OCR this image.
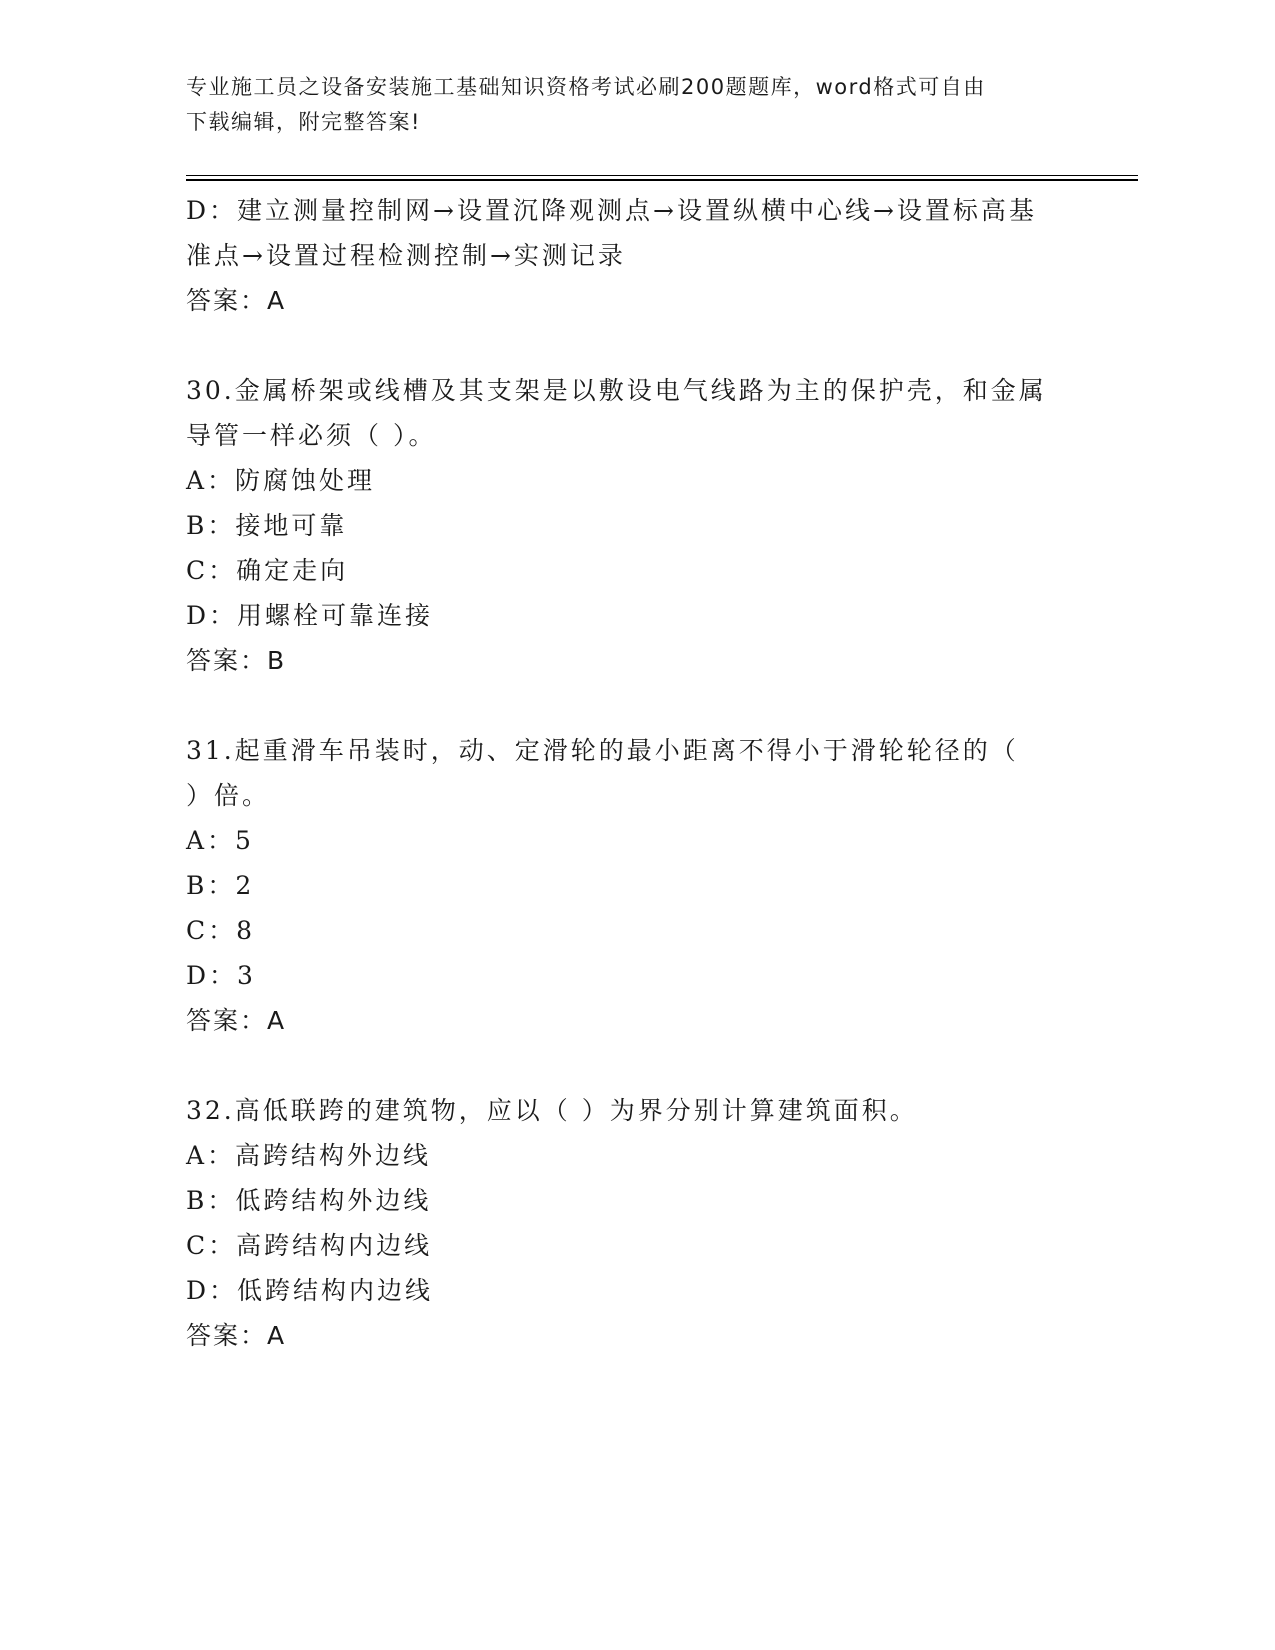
专业施工员之设备安装施工基础知识资格考试必刷200题题库，word格式可自由
下载编辑，附完整答案!
D：建立测量控制网→设置沉降观测点→设置纵横中心线→设置标高基
准点→设置过程检测控制→实测记录
答案：A
30.金属桥架或线槽及其支架是以敷设电气线路为主的保护壳，和金属
导管一样必须（ ）。
A：防腐蚀处理
B：接地可靠
C：确定走向
D：用螺栓可靠连接
答案：B
31.起重滑车吊装时，动、定滑轮的最小距离不得小于滑轮轮径的（
）倍。
A：5
B：2
C：8
D：3
答案：A
32.高低联跨的建筑物，应以（ ）为界分别计算建筑面积。
A：高跨结构外边线
B：低跨结构外边线
C：高跨结构内边线
D：低跨结构内边线
答案：A
